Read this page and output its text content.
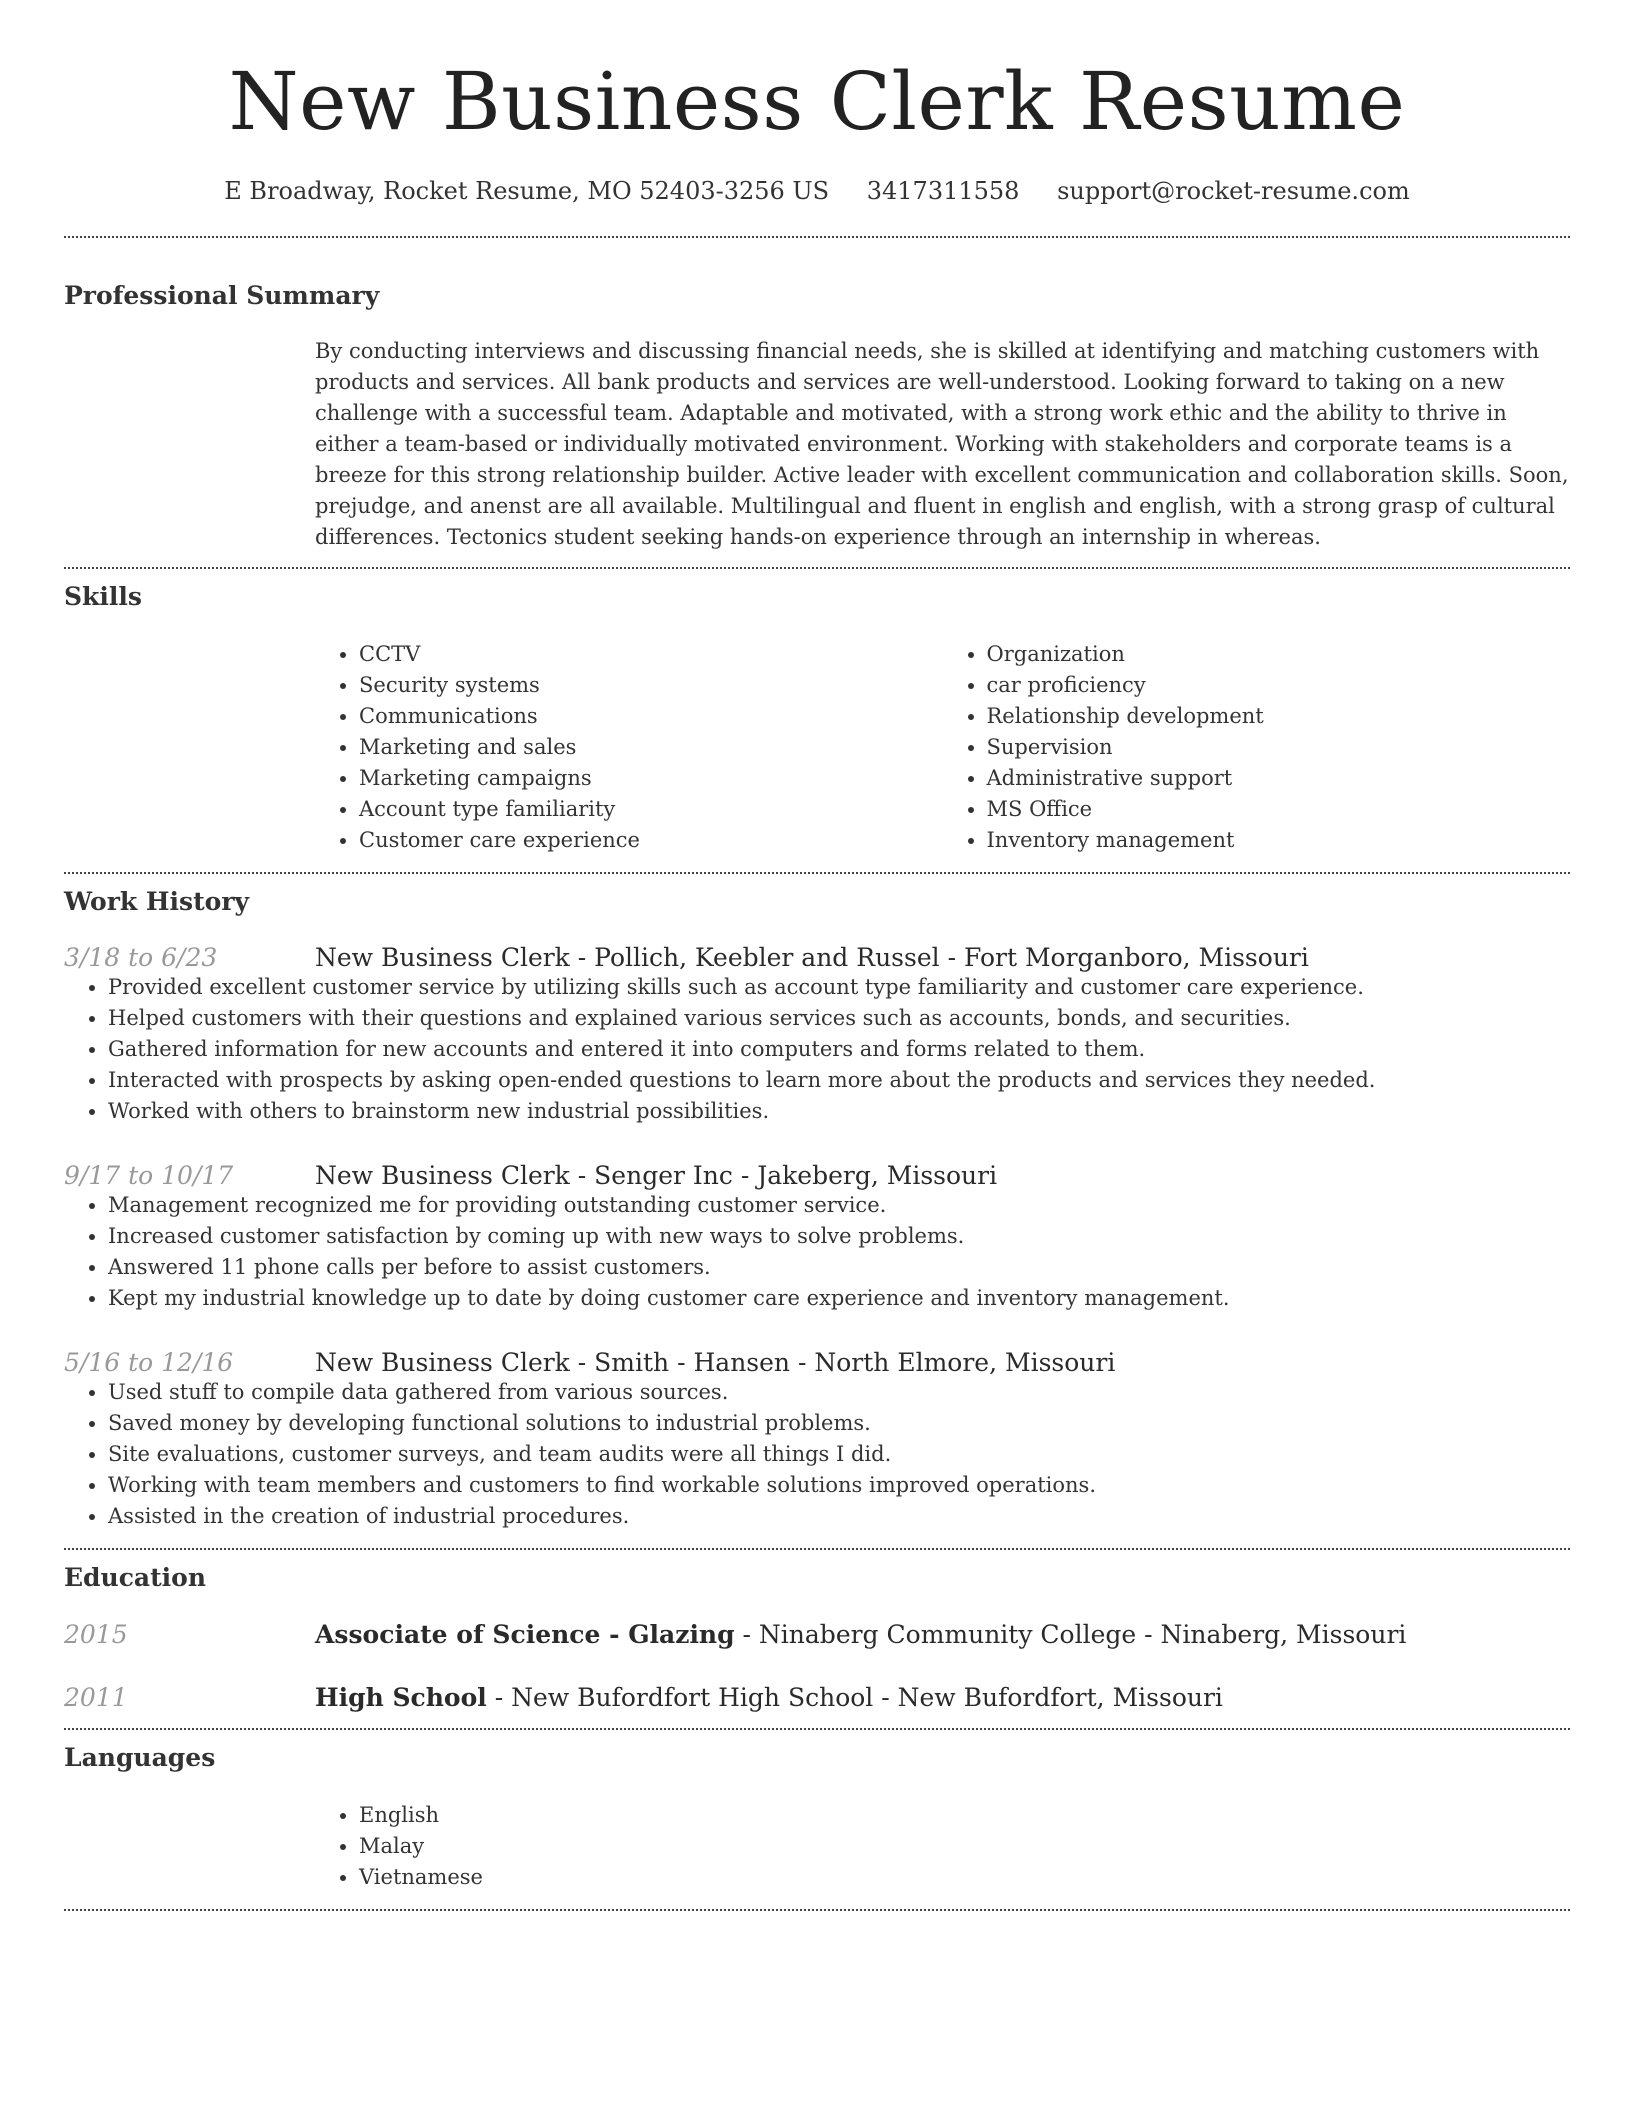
New Business Clerk Resume
E Broadway, Rocket Resume, MO 52403-3256 US 3417311558 support@rocket-resume.com
Professional Summary
By conducting interviews and discussing financial needs, she is skilled at identifying and matching customers with products and services. All bank products and services are well-understood. Looking forward to taking on a new challenge with a successful team. Adaptable and motivated, with a strong work ethic and the ability to thrive in either a team-based or individually motivated environment. Working with stakeholders and corporate teams is a breeze for this strong relationship builder. Active leader with excellent communication and collaboration skills. Soon, prejudge, and anenst are all available. Multilingual and fluent in english and english, with a strong grasp of cultural differences. Tectonics student seeking hands-on experience through an internship in whereas.
Skills
• CCTV
• Security systems
• Communications
• Marketing and sales
• Marketing campaigns
• Account type familiarity
• Customer care experience
• Organization
• car proficiency
• Relationship development
• Supervision
• Administrative support
• MS Office
• Inventory management
Work History
3/18 to 6/23	New Business Clerk - Pollich, Keebler and Russel - Fort Morganboro, Missouri
• Provided excellent customer service by utilizing skills such as account type familiarity and customer care experience.
• Helped customers with their questions and explained various services such as accounts, bonds, and securities.
• Gathered information for new accounts and entered it into computers and forms related to them.
• Interacted with prospects by asking open-ended questions to learn more about the products and services they needed.
• Worked with others to brainstorm new industrial possibilities.
9/17 to 10/17	New Business Clerk - Senger Inc - Jakeberg, Missouri
• Management recognized me for providing outstanding customer service.
• Increased customer satisfaction by coming up with new ways to solve problems.
• Answered 11 phone calls per before to assist customers.
• Kept my industrial knowledge up to date by doing customer care experience and inventory management.
5/16 to 12/16	New Business Clerk - Smith - Hansen - North Elmore, Missouri
• Used stuff to compile data gathered from various sources.
• Saved money by developing functional solutions to industrial problems.
• Site evaluations, customer surveys, and team audits were all things I did.
• Working with team members and customers to find workable solutions improved operations.
• Assisted in the creation of industrial procedures.
Education
2015	Associate of Science - Glazing - Ninaberg Community College - Ninaberg, Missouri
2011	High School - New Bufordfort High School - New Bufordfort, Missouri
Languages
• English
• Malay
• Vietnamese
